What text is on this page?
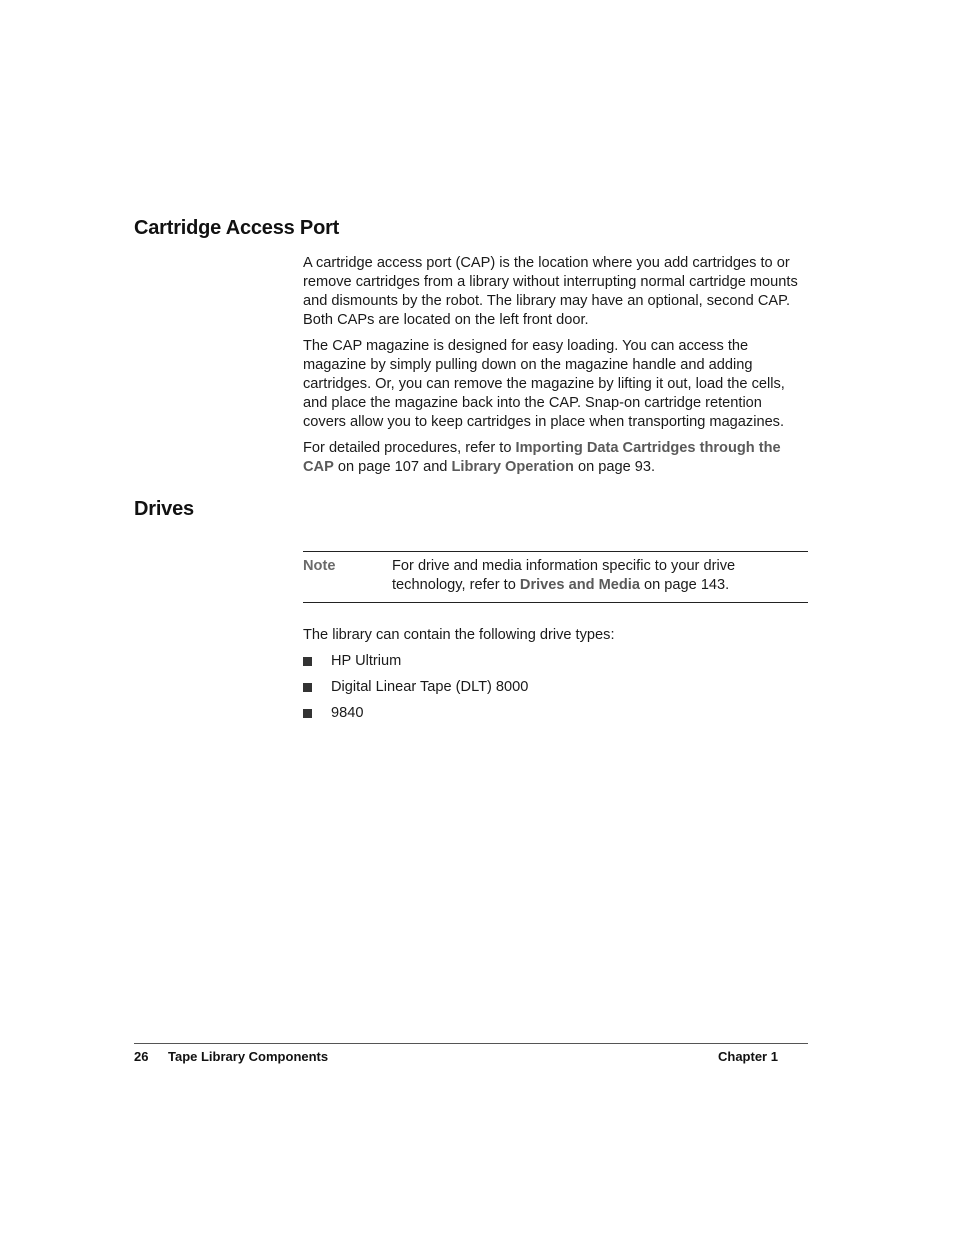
Cartridge Access Port

A cartridge access port (CAP) is the location where you add cartridges to or remove cartridges from a library without interrupting normal cartridge mounts and dismounts by the robot. The library may have an optional, second CAP. Both CAPs are located on the left front door.

The CAP magazine is designed for easy loading. You can access the magazine by simply pulling down on the magazine handle and adding cartridges. Or, you can remove the magazine by lifting it out, load the cells, and place the magazine back into the CAP. Snap-on cartridge retention covers allow you to keep cartridges in place when transporting magazines.

For detailed procedures, refer to Importing Data Cartridges through the CAP on page 107 and Library Operation on page 93.

Drives
Note	For drive and media information specific to your drive technology, refer to Drives and Media on page 143.

The library can contain the following drive types:

HP Ultrium
Digital Linear Tape (DLT) 8000
9840
26 Tape Library Components	Chapter 1
